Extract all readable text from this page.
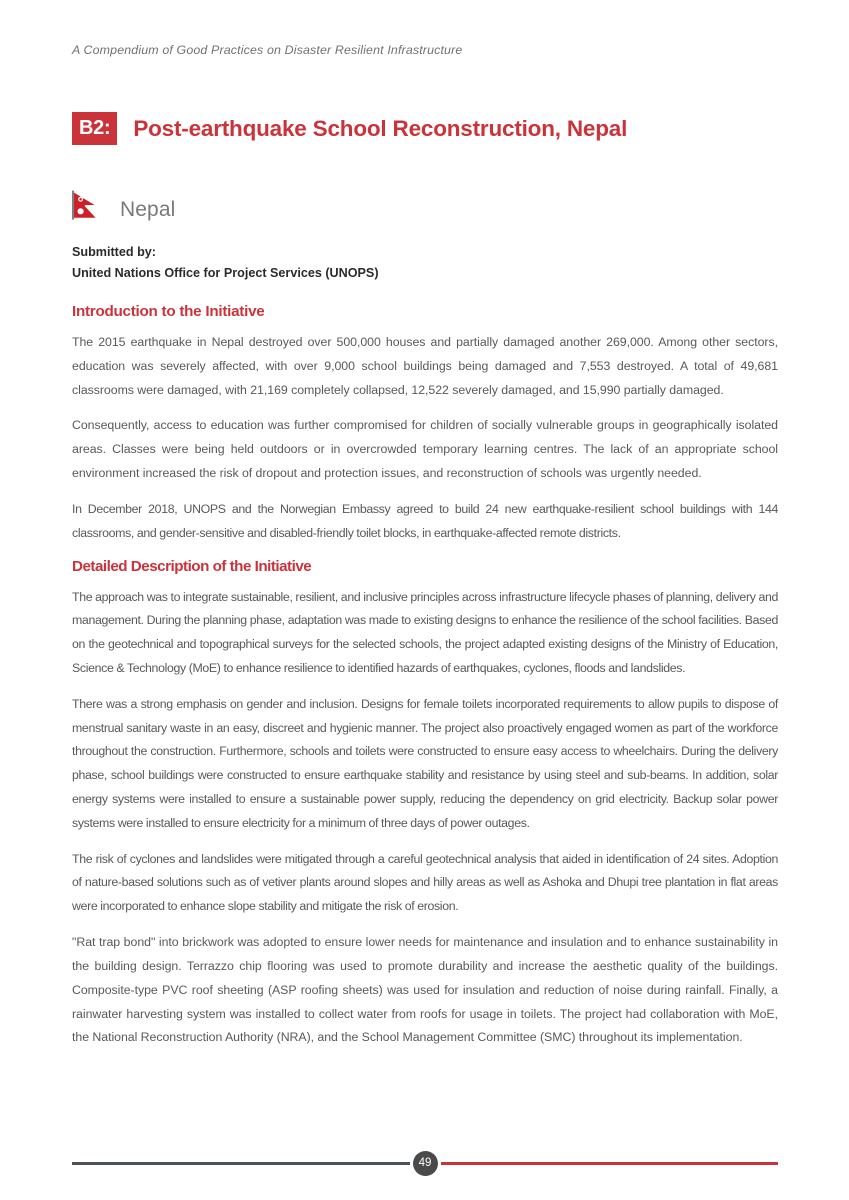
A Compendium of Good Practices on Disaster Resilient Infrastructure
B2:	Post-earthquake School Reconstruction, Nepal
Nepal
Submitted by:
United Nations Office for Project Services (UNOPS)
Introduction to the Initiative

The 2015 earthquake in Nepal destroyed over 500,000 houses and partially damaged another 269,000. Among other sectors, education was severely affected, with over 9,000 school buildings being damaged and 7,553 destroyed. A total of 49,681 classrooms were damaged, with 21,169 completely collapsed, 12,522 severely damaged, and 15,990 partially damaged.

Consequently, access to education was further compromised for children of socially vulnerable groups in geographically isolated areas. Classes were being held outdoors or in overcrowded temporary learning centres. The lack of an appropriate school environment increased the risk of dropout and protection issues, and reconstruction of schools was urgently needed.

In December 2018, UNOPS and the Norwegian Embassy agreed to build 24 new earthquake-resilient school buildings with 144 classrooms, and gender-sensitive and disabled-friendly toilet blocks, in earthquake-affected remote districts.

Detailed Description of the Initiative

The approach was to integrate sustainable, resilient, and inclusive principles across infrastructure lifecycle phases of planning, delivery and management. During the planning phase, adaptation was made to existing designs to enhance the resilience of the school facilities. Based on the geotechnical and topographical surveys for the selected schools, the project adapted existing designs of the Ministry of Education, Science & Technology (MoE) to enhance resilience to identified hazards of earthquakes, cyclones, floods and landslides.

There was a strong emphasis on gender and inclusion. Designs for female toilets incorporated requirements to allow pupils to dispose of menstrual sanitary waste in an easy, discreet and hygienic manner. The project also proactively engaged women as part of the workforce throughout the construction. Furthermore, schools and toilets were constructed to ensure easy access to wheelchairs. During the delivery phase, school buildings were constructed to ensure earthquake stability and resistance by using steel and sub-beams. In addition, solar energy systems were installed to ensure a sustainable power supply, reducing the dependency on grid electricity. Backup solar power systems were installed to ensure electricity for a minimum of three days of power outages.

The risk of cyclones and landslides were mitigated through a careful geotechnical analysis that aided in identification of 24 sites. Adoption of nature-based solutions such as of vetiver plants around slopes and hilly areas as well as Ashoka and Dhupi tree plantation in flat areas were incorporated to enhance slope stability and mitigate the risk of erosion.

"Rat trap bond" into brickwork was adopted to ensure lower needs for maintenance and insulation and to enhance sustainability in the building design. Terrazzo chip flooring was used to promote durability and increase the aesthetic quality of the buildings. Composite-type PVC roof sheeting (ASP roofing sheets) was used for insulation and reduction of noise during rainfall. Finally, a rainwater harvesting system was installed to collect water from roofs for usage in toilets. The project had collaboration with MoE, the National Reconstruction Authority (NRA), and the School Management Committee (SMC) throughout its implementation.

49
